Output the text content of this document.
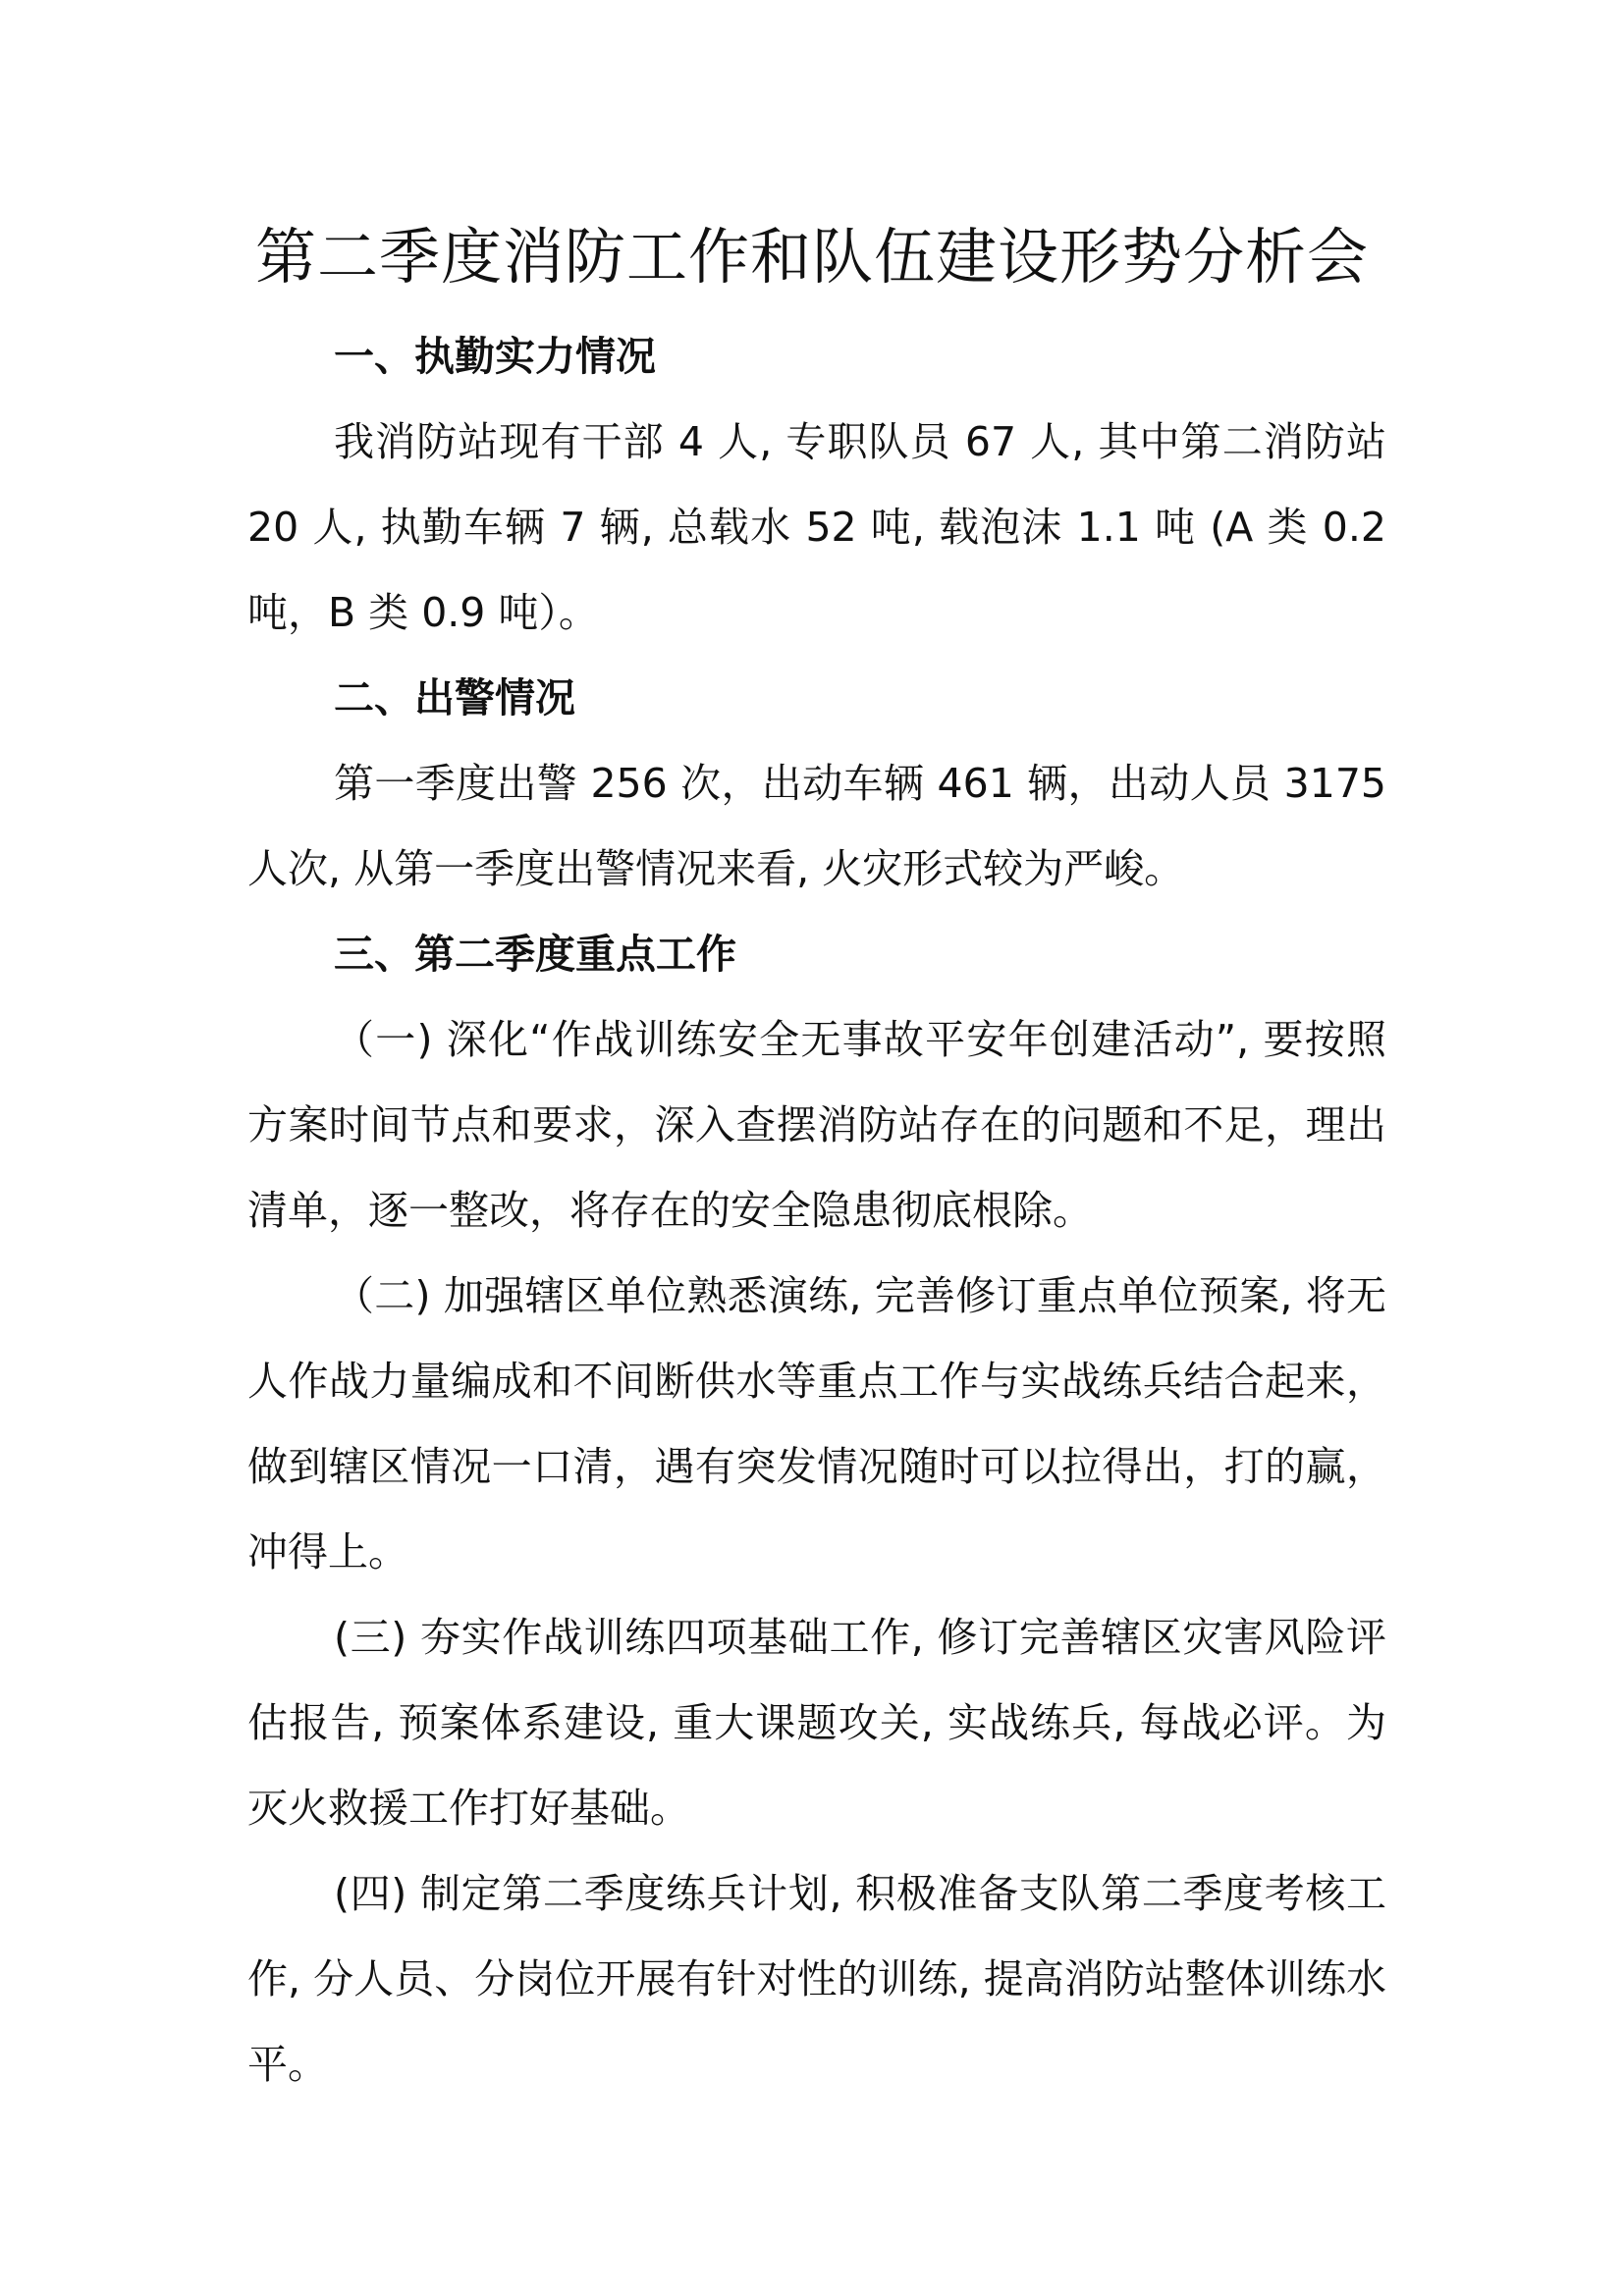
第二季度消防工作和队伍建设形势分析会
一、执勤实力情况

我消防站现有干部 4 人, 专职队员 67 人, 其中第二消防站 20 人, 执勤车辆 7 辆, 总载水 52 吨, 载泡沫 1.1 吨 (A 类 0.2 吨，B 类 0.9 吨）。

二、出警情况

第一季度出警 256 次，出动车辆 461 辆，出动人员 3175 人次, 从第一季度出警情况来看, 火灾形式较为严峻。

三、第二季度重点工作

（一) 深化“作战训练安全无事故平安年创建活动”, 要按照方案时间节点和要求，深入查摆消防站存在的问题和不足，理出清单，逐一整改，将存在的安全隐患彻底根除。

（二) 加强辖区单位熟悉演练, 完善修订重点单位预案, 将无人作战力量编成和不间断供水等重点工作与实战练兵结合起来，做到辖区情况一口清，遇有突发情况随时可以拉得出，打的赢，冲得上。

(三) 夯实作战训练四项基础工作, 修订完善辖区灾害风险评估报告, 预案体系建设, 重大课题攻关, 实战练兵, 每战必评。为灭火救援工作打好基础。

(四) 制定第二季度练兵计划, 积极准备支队第二季度考核工作, 分人员、分岗位开展有针对性的训练, 提高消防站整体训练水平。
